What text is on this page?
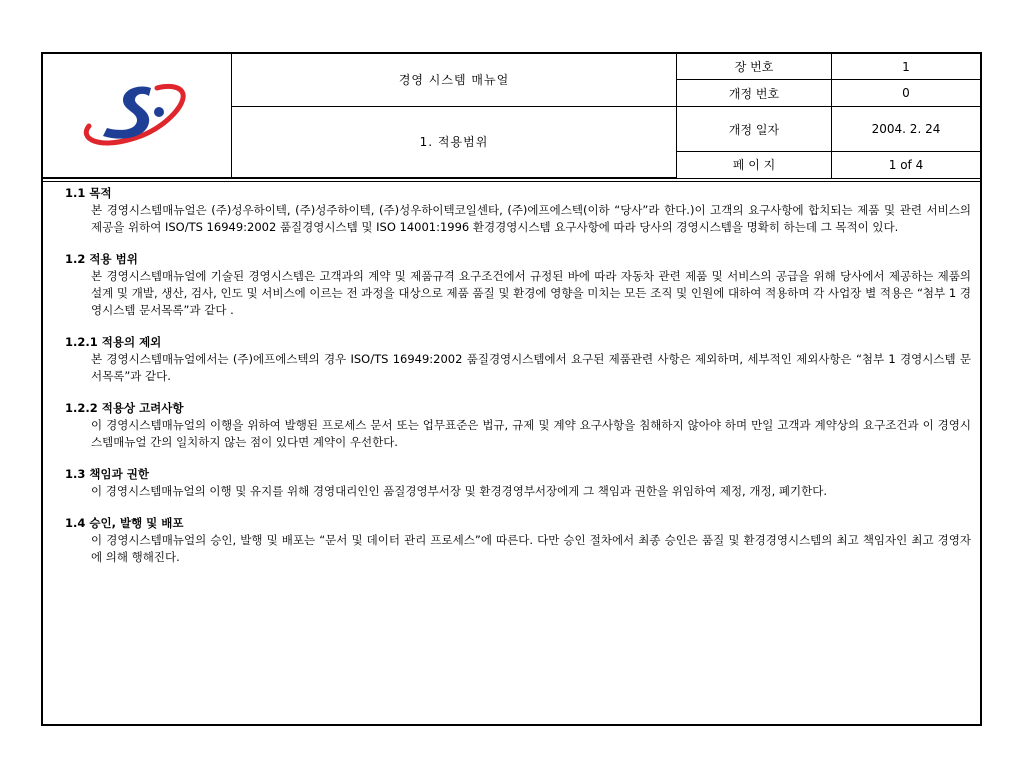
	경영 시스템 매뉴얼	장 번호	1
		개정 번호	0
	1. 적용범위	개정 일자	2004. 2. 24
		페 이 지	1 of 4
1.1 목적

본 경영시스템매뉴얼은 (주)성우하이텍, (주)성주하이텍, (주)성우하이텍코일센타, (주)에프에스텍(이하 “당사”라 한다.)이 고객의 요구사항에 합치되는 제품 및 관련 서비스의 제공을 위하여 ISO/TS 16949:2002 품질경영시스템 및 ISO 14001:1996 환경경영시스템 요구사항에 따라 당사의 경영시스템을 명확히 하는데 그 목적이 있다.

1.2 적용 범위

본 경영시스템매뉴얼에 기술된 경영시스템은 고객과의 계약 및 제품규격 요구조건에서 규정된 바에 따라 자동차 관련 제품 및 서비스의 공급을 위해 당사에서 제공하는 제품의 설계 및 개발, 생산, 검사, 인도 및 서비스에 이르는 전 과정을 대상으로 제품 품질 및 환경에 영향을 미치는 모든 조직 및 인원에 대하여 적용하며 각 사업장 별 적용은 “첨부 1 경영시스템 문서목록”과 같다 .

1.2.1 적용의 제외

본 경영시스템매뉴얼에서는 (주)에프에스텍의 경우 ISO/TS 16949:2002 품질경영시스템에서 요구된 제품관련 사항은 제외하며, 세부적인 제외사항은 “첨부 1 경영시스템 문서목록”과 같다.

1.2.2 적용상 고려사항

이 경영시스템매뉴얼의 이행을 위하여 발행된 프로세스 문서 또는 업무표준은 법규, 규제 및 계약 요구사항을 침해하지 않아야 하며 만일 고객과 계약상의 요구조건과 이 경영시스템매뉴얼 간의 일치하지 않는 점이 있다면 계약이 우선한다.

1.3 책임과 권한

이 경영시스템매뉴얼의 이행 및 유지를 위해 경영대리인인 품질경영부서장 및 환경경영부서장에게 그 책임과 권한을 위임하여 제정, 개정, 폐기한다.

1.4 승인, 발행 및 배포

이 경영시스템매뉴얼의 승인, 발행 및 배포는 “문서 및 데이터 관리 프로세스”에 따른다. 다만 승인 절차에서 최종 승인은 품질 및 환경경영시스템의 최고 책임자인 최고 경영자에 의해 행해진다.
